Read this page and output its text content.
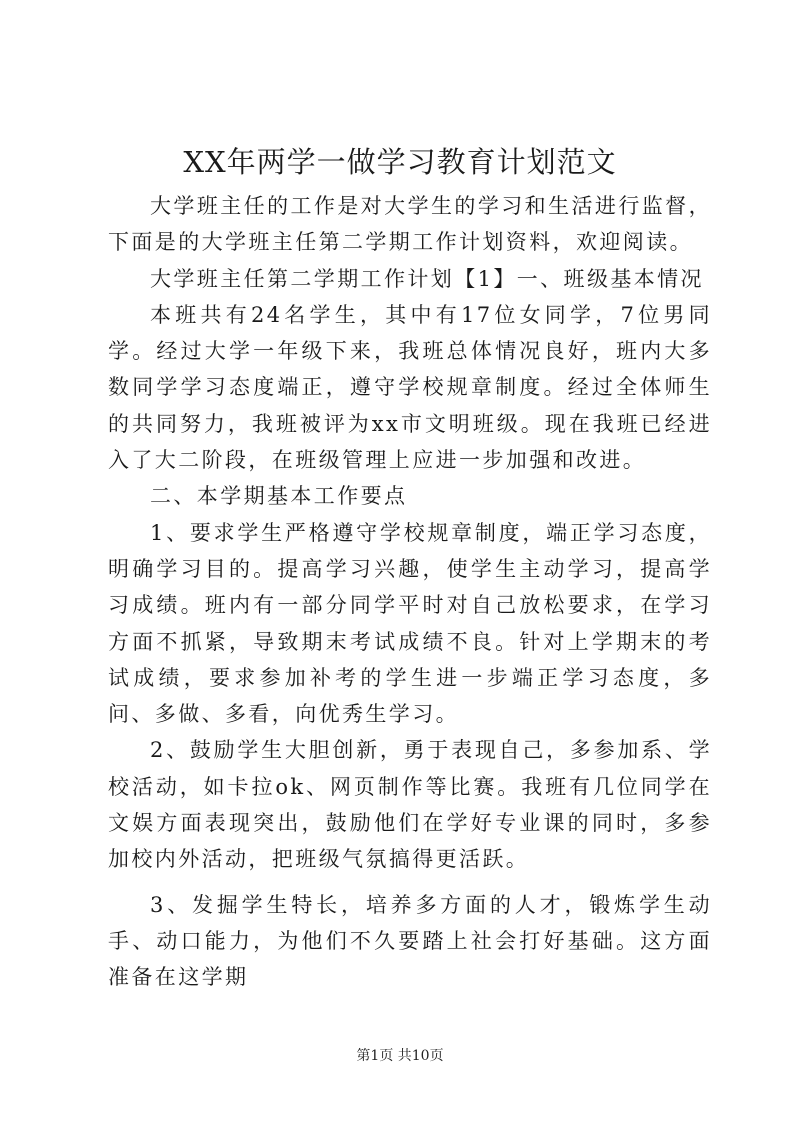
XX年两学一做学习教育计划范文

大学班主任的工作是对大学生的学习和生活进行监督，下面是的大学班主任第二学期工作计划资料，欢迎阅读。

大学班主任第二学期工作计划【1】一、班级基本情况

本班共有24名学生，其中有17位女同学，7位男同学。经过大学一年级下来，我班总体情况良好，班内大多数同学学习态度端正，遵守学校规章制度。经过全体师生的共同努力，我班被评为xx市文明班级。现在我班已经进入了大二阶段，在班级管理上应进一步加强和改进。

二、本学期基本工作要点

1、要求学生严格遵守学校规章制度，端正学习态度，明确学习目的。提高学习兴趣，使学生主动学习，提高学习成绩。班内有一部分同学平时对自己放松要求，在学习方面不抓紧，导致期末考试成绩不良。针对上学期末的考试成绩，要求参加补考的学生进一步端正学习态度，多问、多做、多看，向优秀生学习。

2、鼓励学生大胆创新，勇于表现自己，多参加系、学校活动，如卡拉ok、网页制作等比赛。我班有几位同学在文娱方面表现突出，鼓励他们在学好专业课的同时，多参加校内外活动，把班级气氛搞得更活跃。

3、发掘学生特长，培养多方面的人才，锻炼学生动手、动口能力，为他们不久要踏上社会打好基础。这方面准备在这学期

第1页 共10页
